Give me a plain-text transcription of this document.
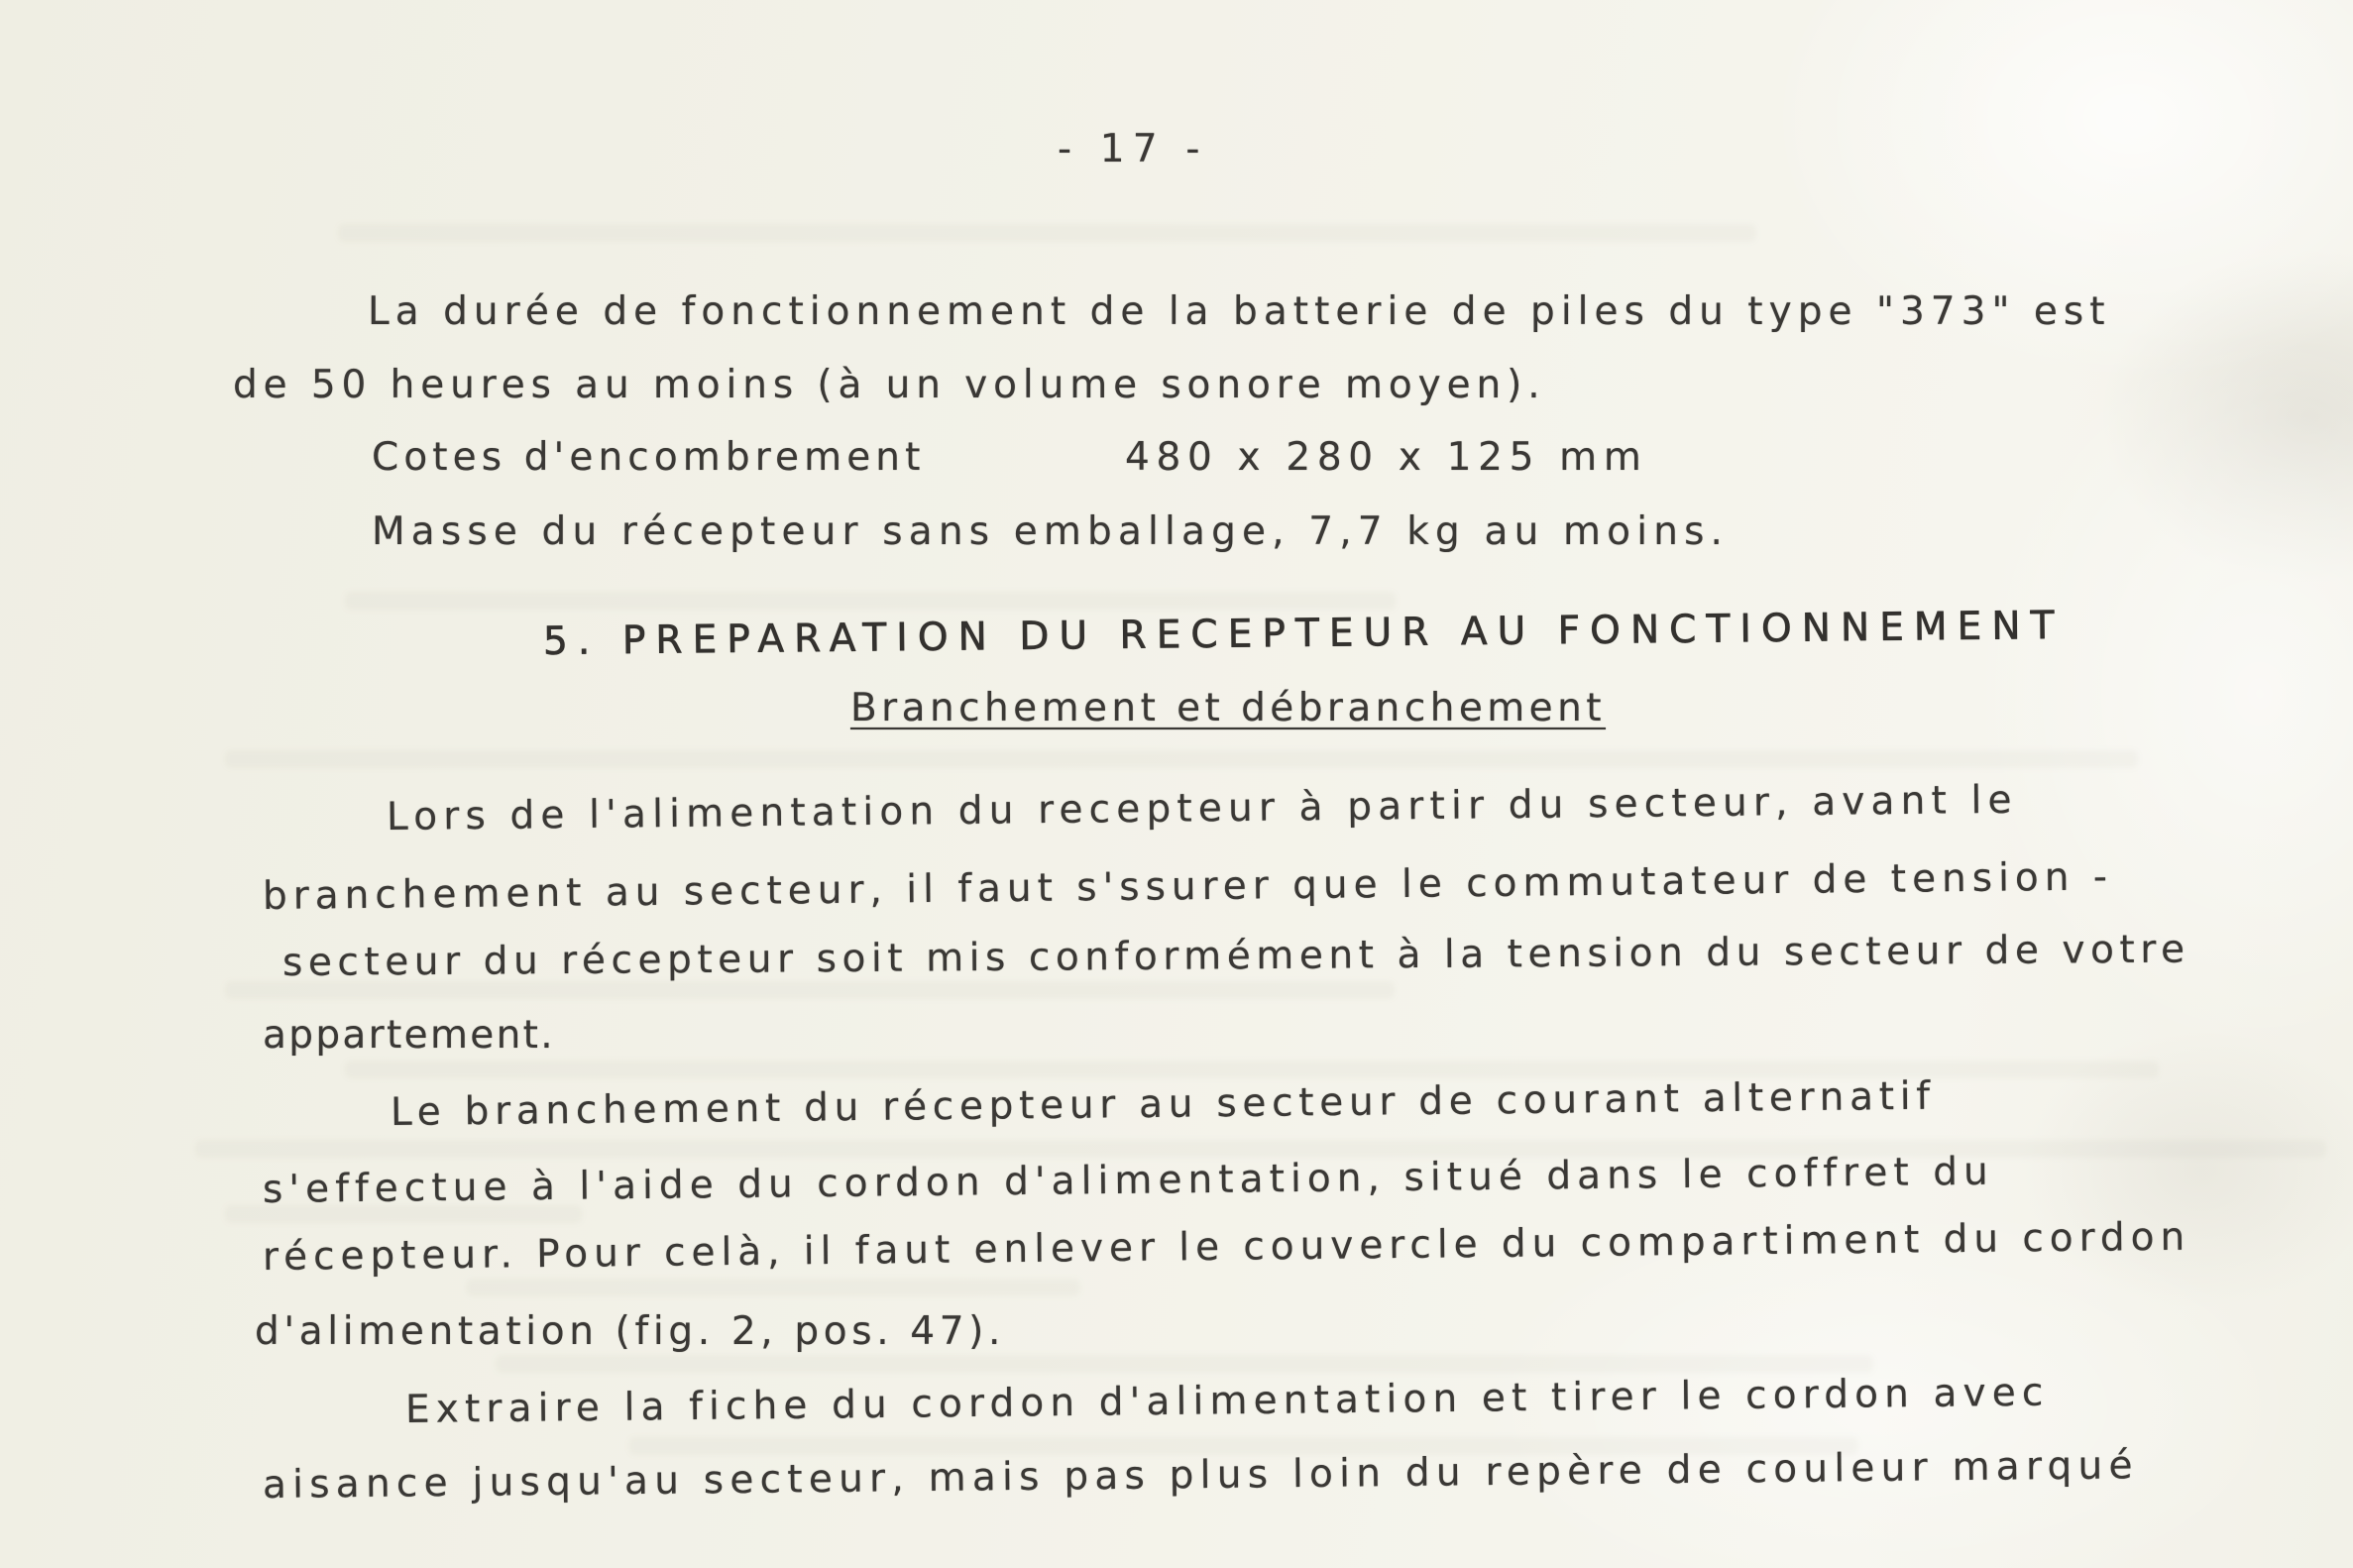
- 17 -
La durée de fonctionnement de la batterie de piles du type "373" est
de 50 heures au moins (à un volume sonore moyen).
Cotes d'encombrement	480 x 280 x 125 mm
Masse du récepteur sans emballage, 7,7 kg au moins.
5. PREPARATION DU RECEPTEUR AU FONCTIONNEMENT
Branchement et débranchement
Lors de l'alimentation du recepteur à partir du secteur, avant le
branchement au secteur, il faut s'ssurer que le commutateur de tension -
secteur du récepteur soit mis conformément à la tension du secteur de votre
appartement.
Le branchement du récepteur au secteur de courant alternatif
s'effectue à l'aide du cordon d'alimentation, situé dans le coffret du
récepteur. Pour celà, il faut enlever le couvercle du compartiment du cordon
d'alimentation (fig. 2, pos. 47).
Extraire la fiche du cordon d'alimentation et tirer le cordon avec
aisance jusqu'au secteur, mais pas plus loin du repère de couleur marqué
